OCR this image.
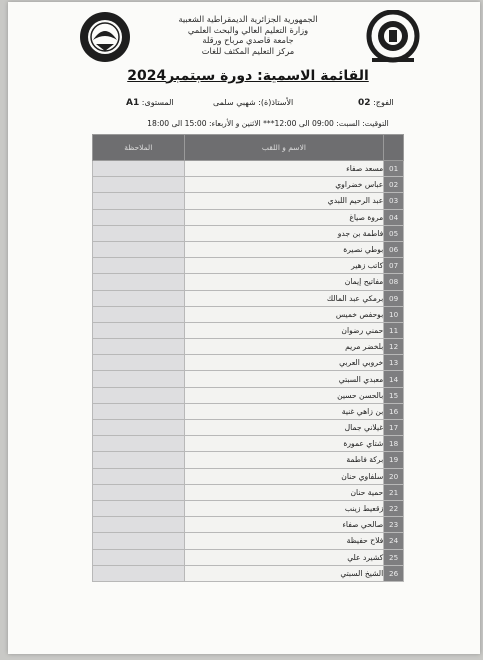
الجمهورية الجزائرية الديمقراطية الشعبية
وزارة التعليم العالي والبحث العلمي
جامعة قاصدي مرباح ورقلة
مركز التعليم المكثف للغات
القائمة الاسمية: دورة سبتمبر2024
الفوج: 02
الأستاذ(ة): شهبي سلمى
المستوى: A1
التوقيت: السبت: 09:00 الى 12:00*** الاثنين و الأربعاء: 15:00 الى 18:00
	الاسم و اللقب	الملاحظة
01	مسعد صفاء	
02	عباس خضراوي	
03	عبد الرحيم اللبدي	
04	مروة صياغ	
05	فاطمة بن جدو	
06	بوطي نصيرة	
07	كاتب زهير	
08	مفاتيح إيمان	
09	برمكي عبد المالك	
10	بوحفص خميس	
11	حمني رضوان	
12	بلخضر مريم	
13	خروبي العربي	
14	معبدي السبتي	
15	بالحسن حسين	
16	بن زاهي غنية	
17	غيلاني جمال	
18	شتاي عمورة	
19	بركة فاطمة	
20	سلفاوي حنان	
21	حمية حنان	
22	زقعيط زينب	
23	صالحي صفاء	
24	فلاح حفيظة	
25	كشيرد علي	
26	الشيخ السبتي	
